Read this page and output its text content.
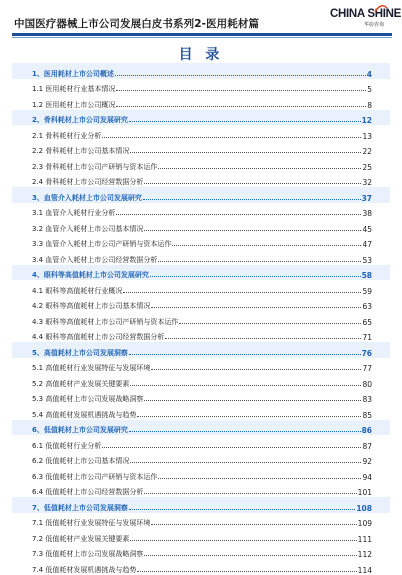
中国医疗器械上市公司发展白皮书系列2-医用耗材篇
CHINA SHINE
华影咨询
目 录
1、医用耗材上市公司概述	4
1.1 医用耗材行业基本情况	5
1.2 医用耗材上市公司概况	8
2、骨科耗材上市公司发展研究	12
2.1 骨科耗材行业分析	13
2.2 骨科耗材上市公司基本情况	22
2.3 骨科耗材上市公司产研销与资本运作	25
2.4 骨科耗材上市公司经营数据分析	32
3、血管介入耗材上市公司发展研究	37
3.1 血管介入耗材行业分析	38
3.2 血管介入耗材上市公司基本情况	45
3.3 血管介入耗材上市公司产研销与资本运作	47
3.4 血管介入耗材上市公司经营数据分析	53
4、眼科等高值耗材上市公司发展研究	58
4.1 眼科等高值耗材行业概况	59
4.2 眼科等高值耗材上市公司基本情况	63
4.3 眼科等高值耗材上市公司产研销与资本运作	65
4.4 眼科等高值耗材上市公司经营数据分析	71
5、高值耗材上市公司发展洞察	76
5.1 高值耗材行业发展特征与发展环境	77
5.2 高值耗材产业发展关键要素	80
5.3 高值耗材上市公司发展战略洞察	83
5.4 高值耗材发展机遇挑战与趋势	85
6、低值耗材上市公司发展研究	86
6.1 低值耗材行业分析	87
6.2 低值耗材上市公司基本情况	92
6.3 低值耗材上市公司产研销与资本运作	94
6.4 低值耗材上市公司经营数据分析	101
7、低值耗材上市公司发展洞察	108
7.1 低值耗材行业发展特征与发展环境	109
7.2 低值耗材产业发展关键要素	111
7.3 低值耗材上市公司发展战略洞察	112
7.4 低值耗材发展机遇挑战与趋势	114
